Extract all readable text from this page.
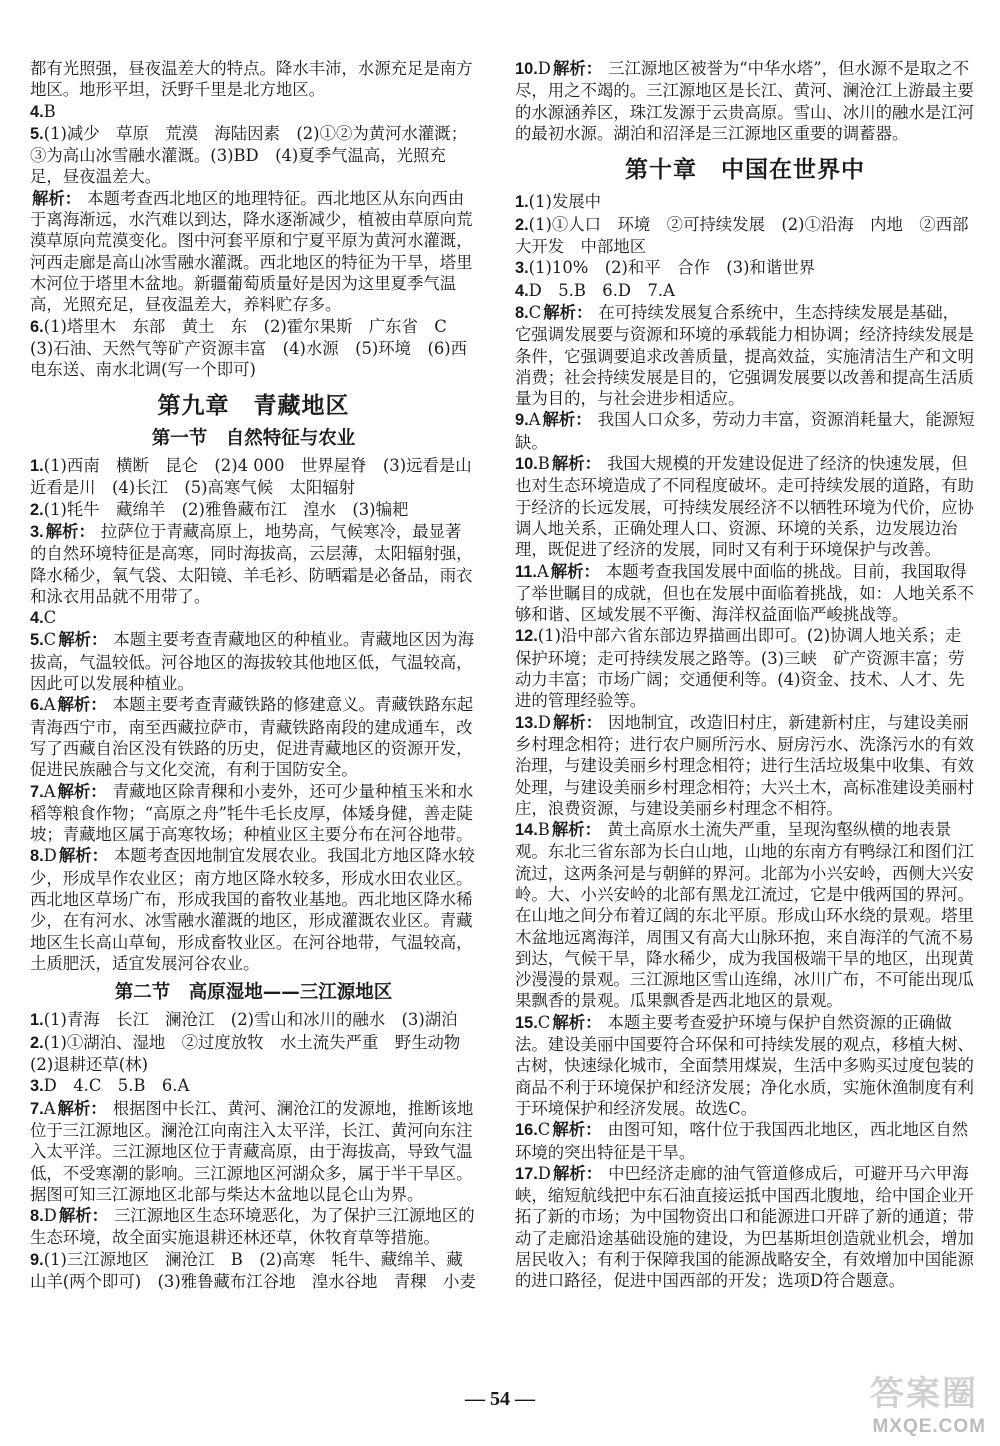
都有光照强，昼夜温差大的特点。降水丰沛，水源充足是南方地区。地形平坦，沃野千里是北方地区。

4.B

5.(1)减少　草原　荒漠　海陆因素　(2)①②为黄河水灌溉；③为高山冰雪融水灌溉。(3)BD　(4)夏季气温高，光照充足，昼夜温差大。

解析： 本题考查西北地区的地理特征。西北地区从东向西由于离海渐远，水汽难以到达，降水逐渐减少，植被由草原向荒漠草原向荒漠变化。图中河套平原和宁夏平原为黄河水灌溉，河西走廊是高山冰雪融水灌溉。西北地区的特征为干旱，塔里木河位于塔里木盆地。新疆葡萄质量好是因为这里夏季气温高，光照充足，昼夜温差大，养料贮存多。

6.(1)塔里木　东部　黄土　东　(2)霍尔果斯　广东省　C　(3)石油、天然气等矿产资源丰富　(4)水源　(5)环境　(6)西电东送、南水北调(写一个即可)

第九章　青藏地区
第一节　自然特征与农业

1.(1)西南　横断　昆仑　(2)4 000　世界屋脊　(3)远看是山　近看是川　(4)长江　(5)高寒气候　太阳辐射

2.(1)牦牛　藏绵羊　(2)雅鲁藏布江　湟水　(3)犏耙

3. 解析： 拉萨位于青藏高原上，地势高，气候寒冷，最显著的自然环境特征是高寒，同时海拔高，云层薄，太阳辐射强，降水稀少，氧气袋、太阳镜、羊毛衫、防晒霜是必备品，雨衣和泳衣用品就不用带了。

4.C

5.C 解析： 本题主要考查青藏地区的种植业。青藏地区因为海拔高，气温较低。河谷地区的海拔较其他地区低，气温较高，因此可以发展种植业。

6.A 解析： 本题主要考查青藏铁路的修建意义。青藏铁路东起青海西宁市，南至西藏拉萨市，青藏铁路南段的建成通车，改写了西藏自治区没有铁路的历史，促进青藏地区的资源开发，促进民族融合与文化交流，有利于国防安全。

7.A 解析： 青藏地区除青稞和小麦外，还可少量种植玉米和水稻等粮食作物；“高原之舟”牦牛毛长皮厚，体矮身健，善走陡坡；青藏地区属于高寒牧场；种植业区主要分布在河谷地带。

8.D 解析： 本题考查因地制宜发展农业。我国北方地区降水较少，形成旱作农业区；南方地区降水较多，形成水田农业区。西北地区草场广布，形成我国的畜牧业基地。西北地区降水稀少，在有河水、冰雪融水灌溉的地区，形成灌溉农业区。青藏地区生长高山草甸，形成畜牧业区。在河谷地带，气温较高，土质肥沃，适宜发展河谷农业。

第二节　高原湿地——三江源地区

1.(1)青海　长江　澜沧江　(2)雪山和冰川的融水　(3)湖泊

2.(1)①湖泊、湿地　②过度放牧　水土流失严重　野生动物　(2)退耕还草(林)

3.D　4.C　5.B　6.A

7.A 解析： 根据图中长江、黄河、澜沧江的发源地，推断该地位于三江源地区。澜沧江向南注入太平洋，长江、黄河向东注入太平洋。三江源地区位于青藏高原，由于海拔高，导致气温低，不受寒潮的影响。三江源地区河湖众多，属于半干旱区。据图可知三江源地区北部与柴达木盆地以昆仑山为界。

8.D 解析： 三江源地区生态环境恶化，为了保护三江源地区的生态环境，故全面实施退耕还林还草，休牧育草等措施。

9.(1)三江源地区　澜沧江　B　(2)高寒　牦牛、藏绵羊、藏山羊(两个即可)　(3)雅鲁藏布江谷地　湟水谷地　青稞　小麦

10.D 解析： 三江源地区被誉为“中华水塔”，但水源不是取之不尽，用之不竭的。三江源地区是长江、黄河、澜沧江上游最主要的水源涵养区，珠江发源于云贵高原。雪山、冰川的融水是江河的最初水源。湖泊和沼泽是三江源地区重要的调蓄器。

第十章　中国在世界中

1.(1)发展中

2.(1)①人口　环境　②可持续发展　(2)①沿海　内地　②西部大开发　中部地区

3.(1)10%　(2)和平　合作　(3)和谐世界

4.D　5.B　6.D　7.A

8.C 解析： 在可持续发展复合系统中，生态持续发展是基础，它强调发展要与资源和环境的承载能力相协调；经济持续发展是条件，它强调要追求改善质量，提高效益，实施清洁生产和文明消费；社会持续发展是目的，它强调发展要以改善和提高生活质量为目的，与社会进步相适应。

9.A 解析： 我国人口众多，劳动力丰富，资源消耗量大，能源短缺。

10.B 解析： 我国大规模的开发建设促进了经济的快速发展，但也对生态环境造成了不同程度破坏。走可持续发展的道路，有助于经济的长远发展，可持续发展经济不以牺牲环境为代价，应协调人地关系，正确处理人口、资源、环境的关系，边发展边治理，既促进了经济的发展，同时又有利于环境保护与改善。

11.A 解析： 本题考查我国发展中面临的挑战。目前，我国取得了举世瞩目的成就，但也在发展中面临着挑战，如：人地关系不够和谐、区域发展不平衡、海洋权益面临严峻挑战等。

12.(1)沿中部六省东部边界描画出即可。(2)协调人地关系；走保护环境；走可持续发展之路等。(3)三峡　矿产资源丰富；劳动力丰富；市场广阔；交通便利等。(4)资金、技术、人才、先进的管理经验等。

13.D 解析： 因地制宜，改造旧村庄，新建新村庄，与建设美丽乡村理念相符；进行农户厕所污水、厨房污水、洗涤污水的有效治理，与建设美丽乡村理念相符；进行生活垃圾集中收集、有效处理，与建设美丽乡村理念相符；大兴土木，高标准建设美丽村庄，浪费资源，与建设美丽乡村理念不相符。

14.B 解析： 黄土高原水土流失严重，呈现沟壑纵横的地表景观。东北三省东部为长白山地，山地的东南方有鸭绿江和图们江流过，这两条河是与朝鲜的界河。北部为小兴安岭，西侧大兴安岭。大、小兴安岭的北部有黑龙江流过，它是中俄两国的界河。在山地之间分布着辽阔的东北平原。形成山环水绕的景观。塔里木盆地远离海洋，周围又有高大山脉环抱，来自海洋的气流不易到达，气候干旱，降水稀少，成为我国极端干旱的地区，出现黄沙漫漫的景观。三江源地区雪山连绵，冰川广布，不可能出现瓜果飘香的景观。瓜果飘香是西北地区的景观。

15.C 解析： 本题主要考查爱护环境与保护自然资源的正确做法。建设美丽中国要符合环保和可持续发展的观点，移植大树、古树，快速绿化城市，全面禁用煤炭，生活中多购买过度包装的商品不利于环境保护和经济发展；净化水质，实施休渔制度有利于环境保护和经济发展。故选C。

16.C 解析： 由图可知，喀什位于我国西北地区，西北地区自然环境的突出特征是干旱。

17.D 解析： 中巴经济走廊的油气管道修成后，可避开马六甲海峡，缩短航线把中东石油直接运抵中国西北腹地，给中国企业开拓了新的市场；为中国物资出口和能源进口开辟了新的通道；带动了走廊沿途基础设施的建设，为巴基斯坦创造就业机会，增加居民收入；有利于保障我国的能源战略安全，有效增加中国能源的进口路径，促进中国西部的开发；选项D符合题意。

— 54 —	答案圈
MXQE.COM
